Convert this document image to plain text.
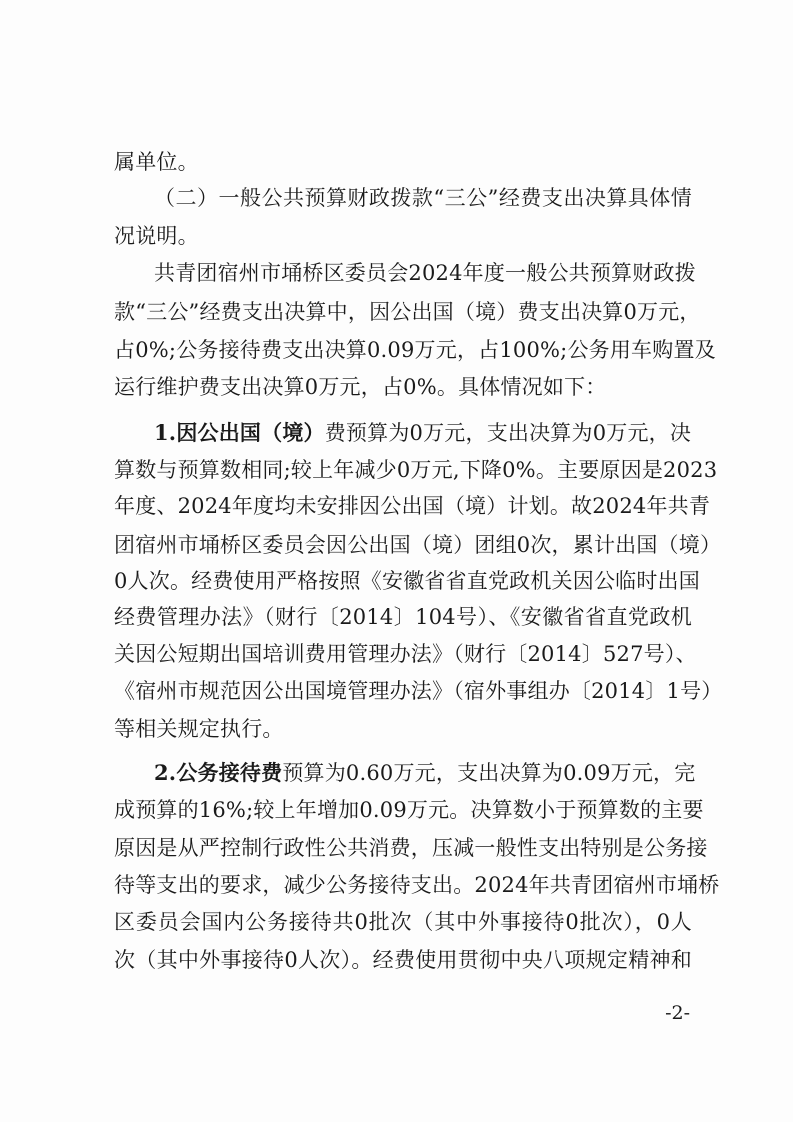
属单位。
（二）一般公共预算财政拨款“三公”经费支出决算具体情
况说明。
共青团宿州市埇桥区委员会2024年度一般公共预算财政拨
款“三公”经费支出决算中，因公出国（境）费支出决算0万元，
占0%;公务接待费支出决算0.09万元，占100%;公务用车购置及
运行维护费支出决算0万元，占0%。具体情况如下：
1.因公出国（境）费预算为0万元，支出决算为0万元，决
算数与预算数相同;较上年减少0万元,下降0%。主要原因是2023
年度、2024年度均未安排因公出国（境）计划。故2024年共青
团宿州市埇桥区委员会因公出国（境）团组0次，累计出国（境）
0人次。经费使用严格按照《安徽省省直党政机关因公临时出国
经费管理办法》（财行〔2014〕104号）、《安徽省省直党政机
关因公短期出国培训费用管理办法》（财行〔2014〕527号）、
《宿州市规范因公出国境管理办法》（宿外事组办〔2014〕1号）
等相关规定执行。
2.公务接待费预算为0.60万元，支出决算为0.09万元，完
成预算的16%;较上年增加0.09万元。决算数小于预算数的主要
原因是从严控制行政性公共消费，压减一般性支出特别是公务接
待等支出的要求，减少公务接待支出。2024年共青团宿州市埇桥
区委员会国内公务接待共0批次（其中外事接待0批次），0人
次（其中外事接待0人次）。经费使用贯彻中央八项规定精神和
-2-
